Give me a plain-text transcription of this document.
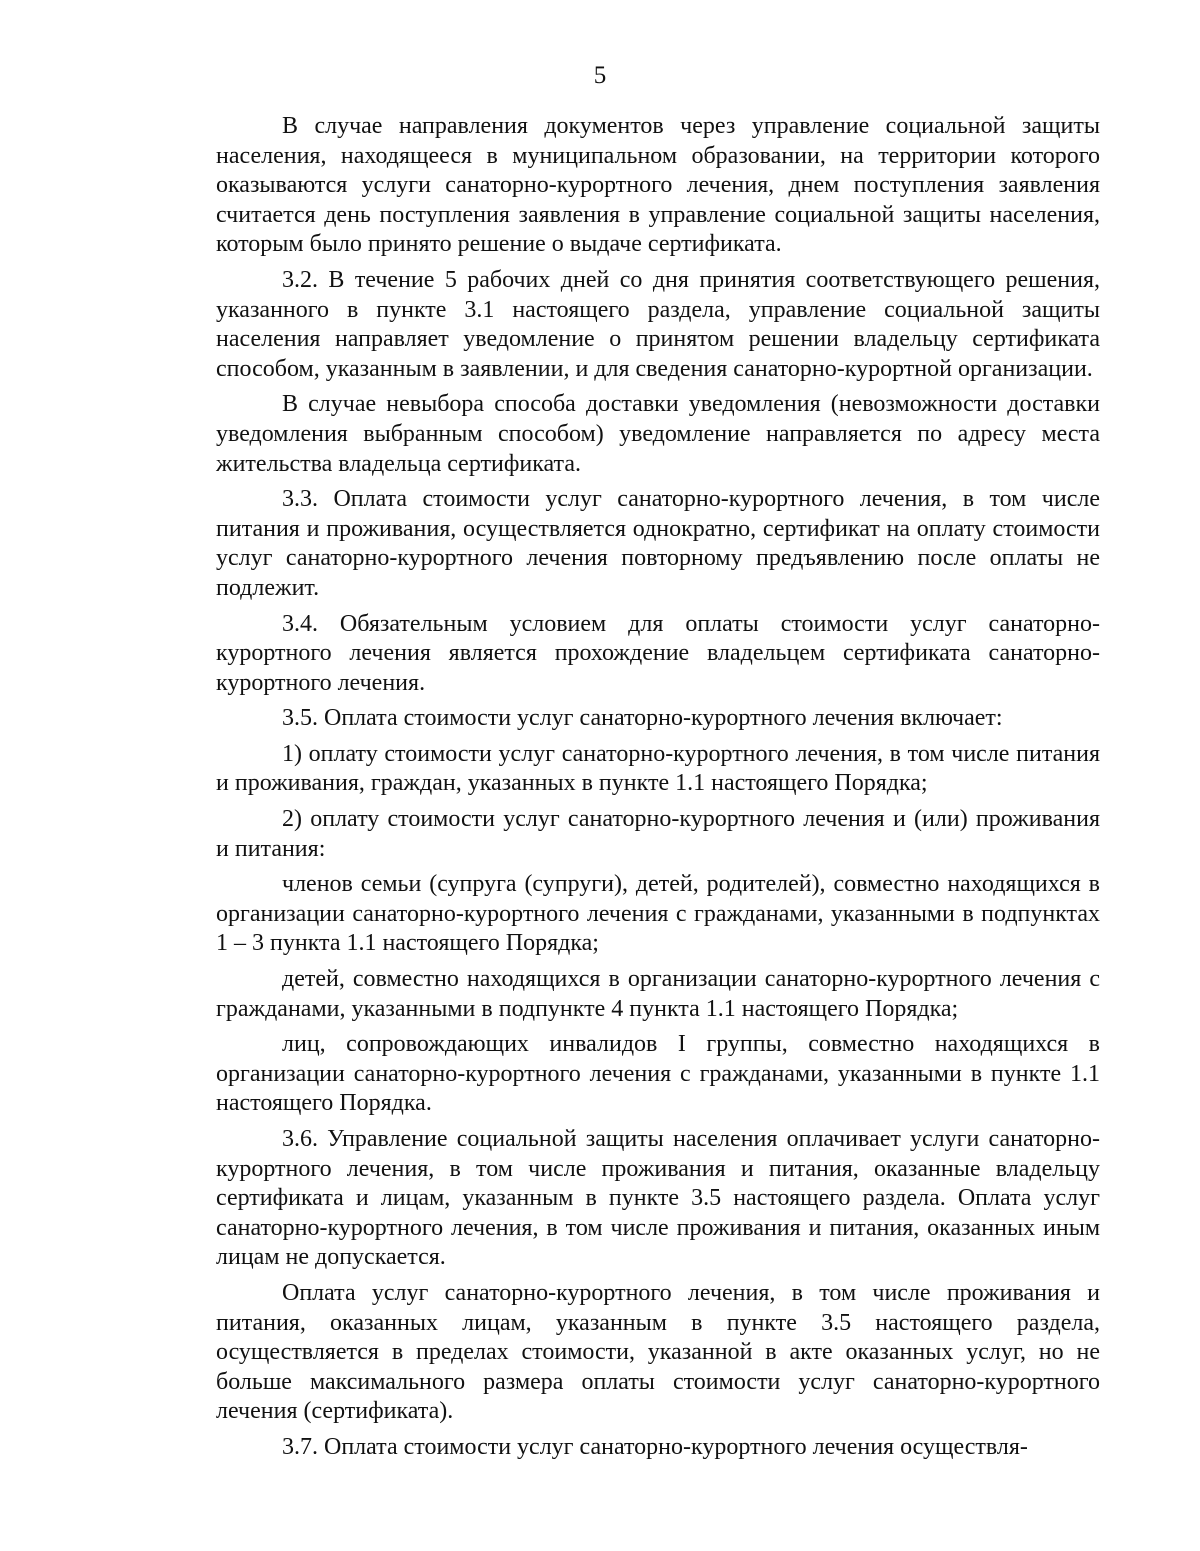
5

В случае направления документов через управление социальной защиты населения, находящееся в муниципальном образовании, на территории которого оказываются услуги санаторно-курортного лечения, днем поступления заявления считается день поступления заявления в управление социальной защиты населения, которым было принято решение о выдаче сертификата.

3.2. В течение 5 рабочих дней со дня принятия соответствующего решения, указанного в пункте 3.1 настоящего раздела, управление социальной защиты населения направляет уведомление о принятом решении владельцу сертификата способом, указанным в заявлении, и для сведения санаторно-курортной организации.

В случае невыбора способа доставки уведомления (невозможности доставки уведомления выбранным способом) уведомление направляется по адресу места жительства владельца сертификата.

3.3. Оплата стоимости услуг санаторно-курортного лечения, в том числе питания и проживания, осуществляется однократно, сертификат на оплату стоимости услуг санаторно-курортного лечения повторному предъявлению после оплаты не подлежит.

3.4. Обязательным условием для оплаты стоимости услуг санаторно-курортного лечения является прохождение владельцем сертификата санаторно-курортного лечения.

3.5. Оплата стоимости услуг санаторно-курортного лечения включает:

1) оплату стоимости услуг санаторно-курортного лечения, в том числе питания и проживания, граждан, указанных в пункте 1.1 настоящего Порядка;

2) оплату стоимости услуг санаторно-курортного лечения и (или) проживания и питания:

членов семьи (супруга (супруги), детей, родителей), совместно находящихся в организации санаторно-курортного лечения с гражданами, указанными в подпунктах 1 – 3 пункта 1.1 настоящего Порядка;

детей, совместно находящихся в организации санаторно-курортного лечения с гражданами, указанными в подпункте 4 пункта 1.1 настоящего Порядка;

лиц, сопровождающих инвалидов I группы, совместно находящихся в организации санаторно-курортного лечения с гражданами, указанными в пункте 1.1 настоящего Порядка.

3.6. Управление социальной защиты населения оплачивает услуги санаторно-курортного лечения, в том числе проживания и питания, оказанные владельцу сертификата и лицам, указанным в пункте 3.5 настоящего раздела. Оплата услуг санаторно-курортного лечения, в том числе проживания и питания, оказанных иным лицам не допускается.

Оплата услуг санаторно-курортного лечения, в том числе проживания и питания, оказанных лицам, указанным в пункте 3.5 настоящего раздела, осуществляется в пределах стоимости, указанной в акте оказанных услуг, но не больше максимального размера оплаты стоимости услуг санаторно-курортного лечения (сертификата).

3.7. Оплата стоимости услуг санаторно-курортного лечения осуществля-
